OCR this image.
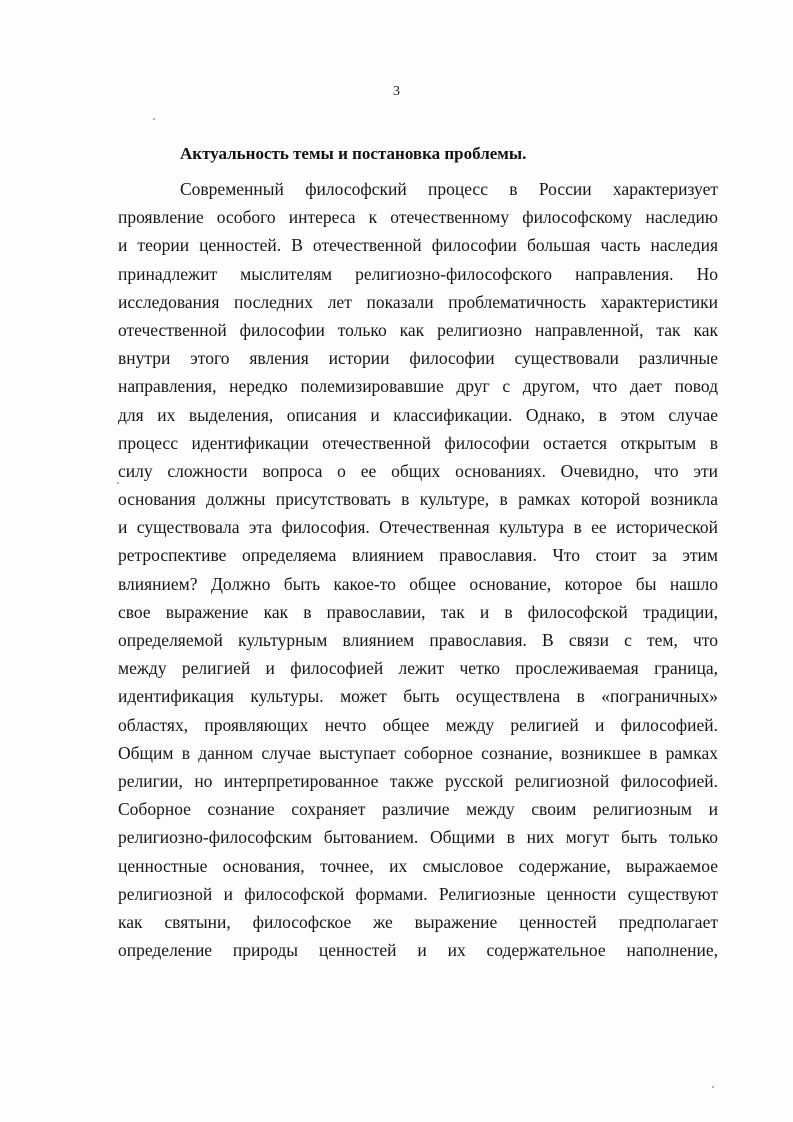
3
Актуальность темы и постановка проблемы.
Современный философский процесс в России характеризует
проявление особого интереса к отечественному философскому наследию
и теории ценностей. В отечественной философии большая часть наследия
принадлежит мыслителям религиозно-философского направления. Но
исследования последних лет показали проблематичность характеристики
отечественной философии только как религиозно направленной, так как
внутри этого явления истории философии существовали различные
направления, нередко полемизировавшие друг с другом, что дает повод
для их выделения, описания и классификации. Однако, в этом случае
процесс идентификации отечественной философии остается открытым в
силу сложности вопроса о ее общих основаниях. Очевидно, что эти
основания должны присутствовать в культуре, в рамках которой возникла
и существовала эта философия. Отечественная культура в ее исторической
ретроспективе определяема влиянием православия. Что стоит за этим
влиянием? Должно быть какое-то общее основание, которое бы нашло
свое выражение как в православии, так и в философской традиции,
определяемой культурным влиянием православия. В связи с тем, что
между религией и философией лежит четко прослеживаемая граница,
идентификация культуры. может быть осуществлена в «пограничных»
областях, проявляющих нечто общее между религией и философией.
Общим в данном случае выступает соборное сознание, возникшее в рамках
религии, но интерпретированное также русской религиозной философией.
Соборное сознание сохраняет различие между своим религиозным и
религиозно-философским бытованием. Общими в них могут быть только
ценностные основания, точнее, их смысловое содержание, выражаемое
религиозной и философской формами. Религиозные ценности существуют
как святыни, философское же выражение ценностей предполагает
определение природы ценностей и их содержательное наполнение,
